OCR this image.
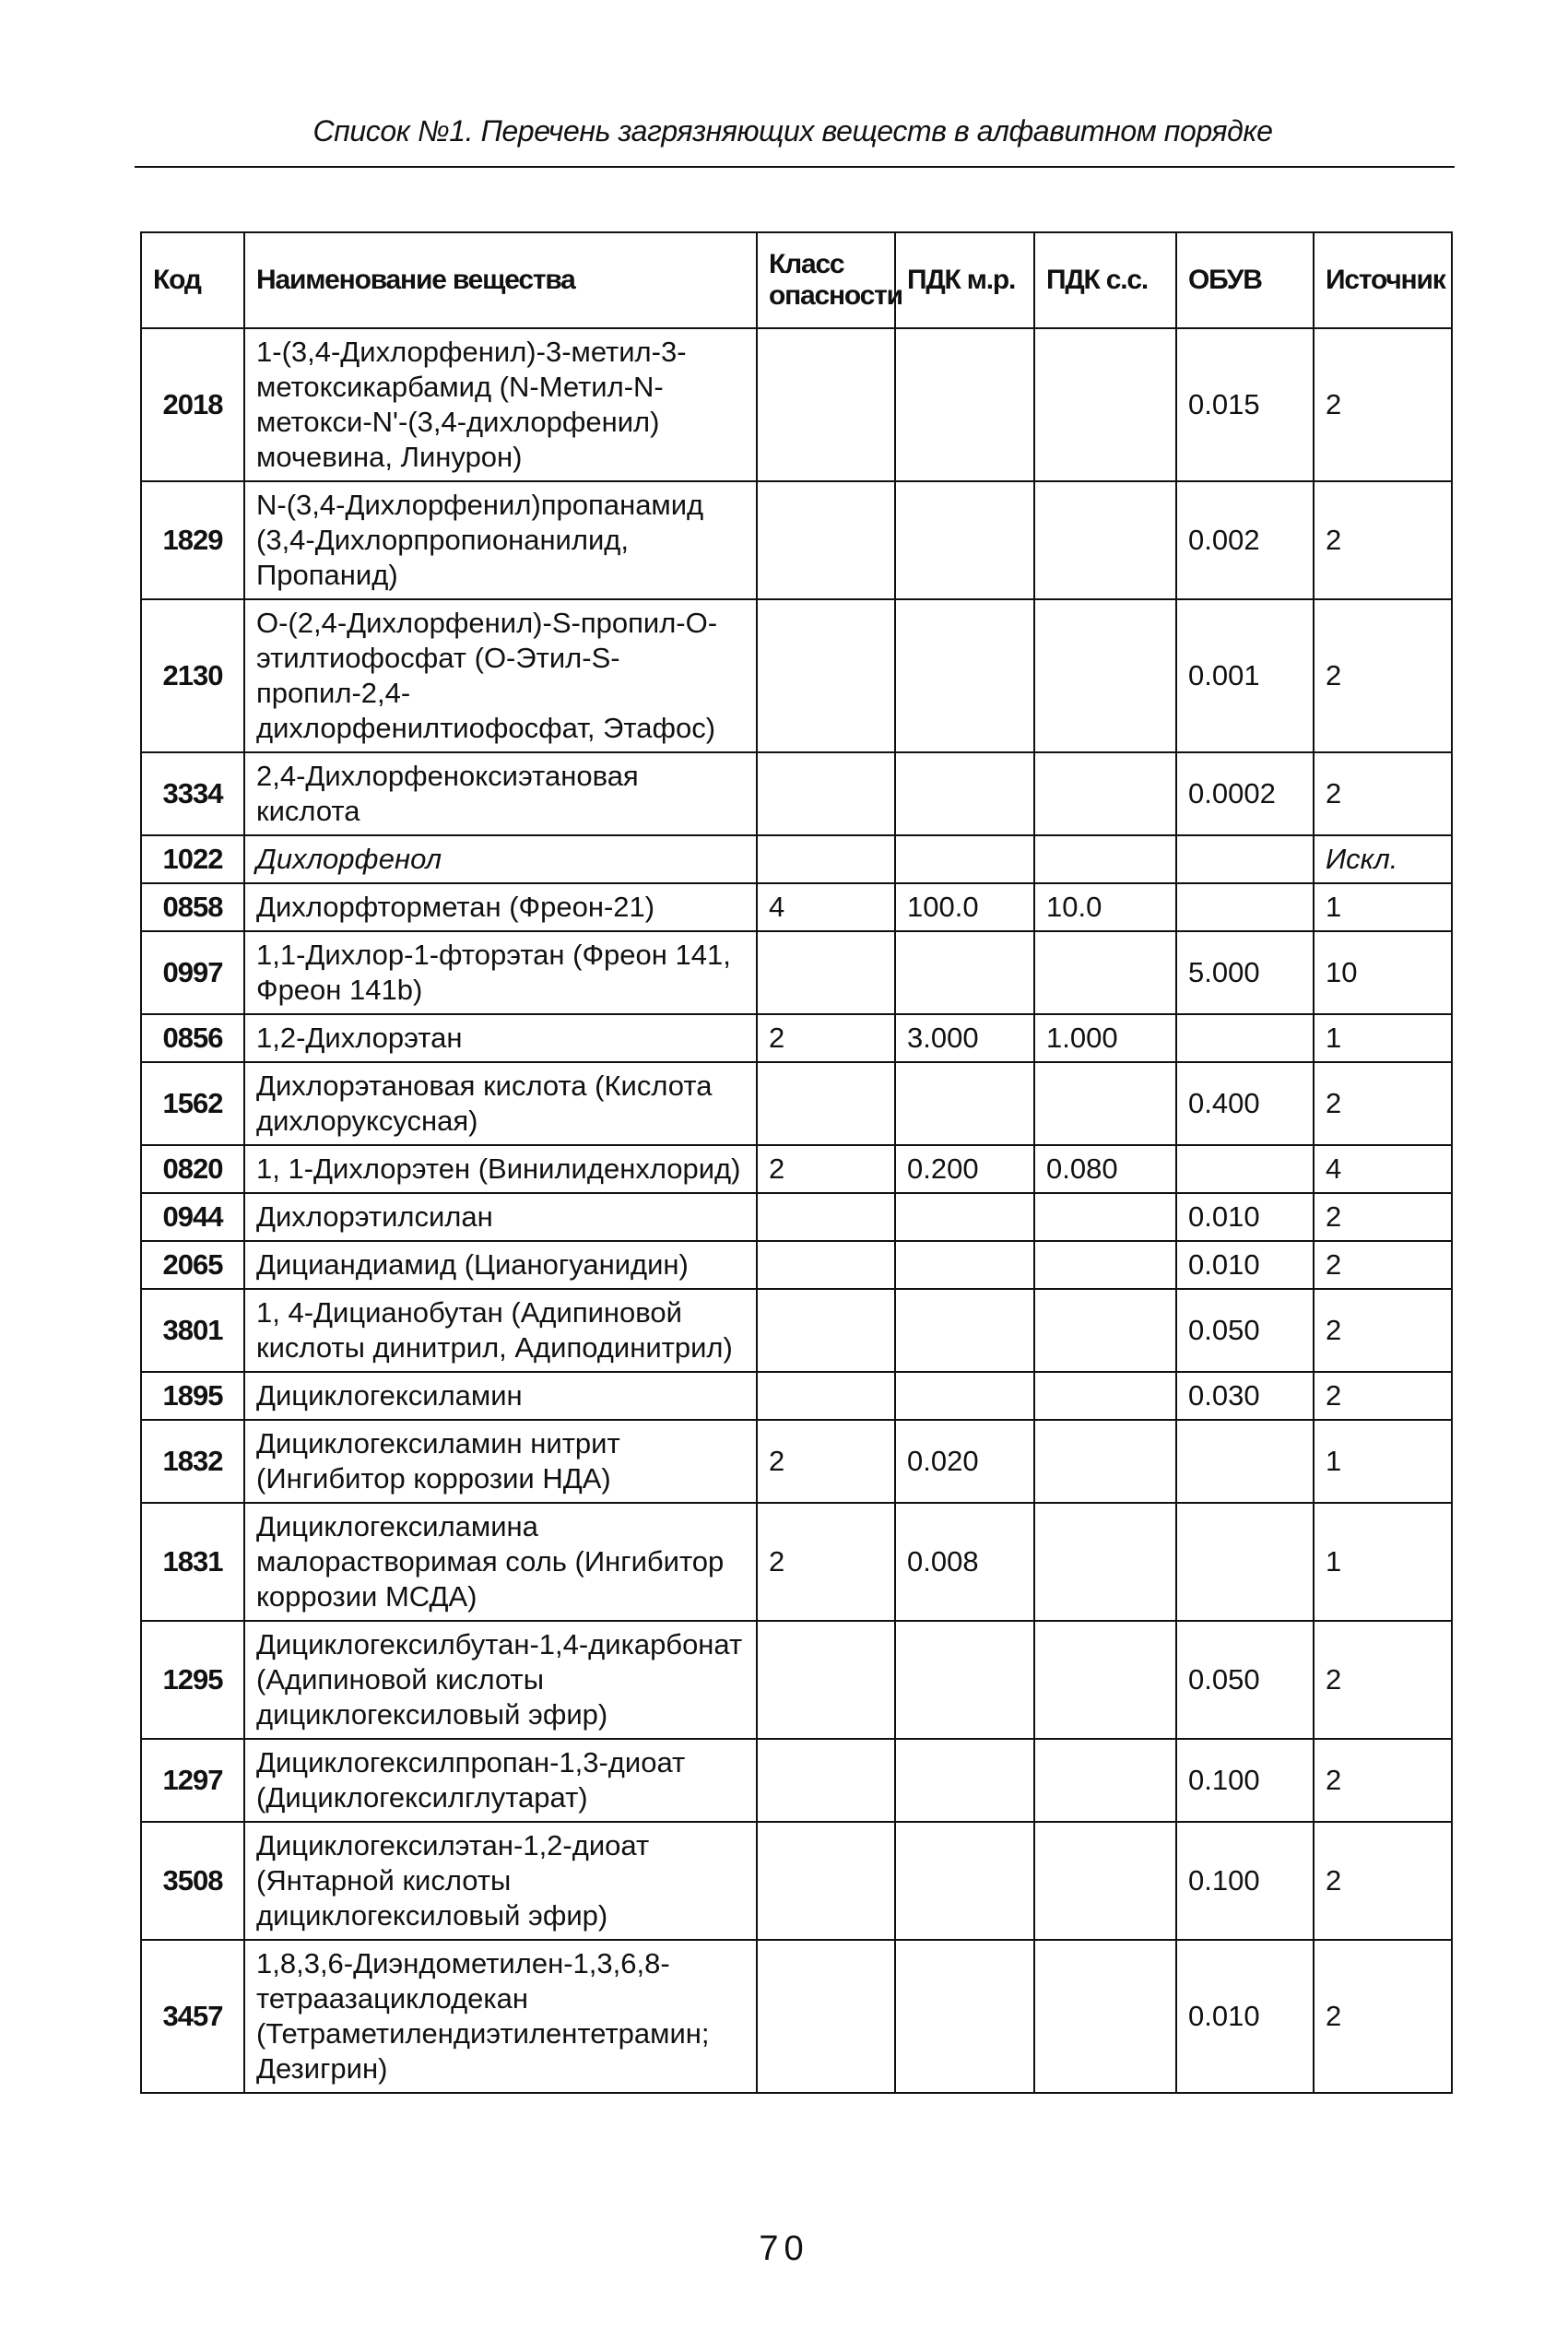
Список №1. Перечень загрязняющих веществ в алфавитном порядке
Код	Наименование вещества	Класс опасности	ПДК м.р.	ПДК с.с.	ОБУВ	Источник
2018	1-(3,4-Дихлорфенил)-3-метил-3-метоксикарбамид (N-Метил-N-метокси-N'-(3,4-дихлорфенил) мочевина, Линурон)				0.015	2
1829	N-(3,4-Дихлорфенил)пропанамид (3,4-Дихлорпропионанилид, Пропанид)				0.002	2
2130	O-(2,4-Дихлорфенил)-S-пропил-O-этилтиофосфат (O-Этил-S-пропил-2,4-дихлорфенилтиофосфат, Этафос)				0.001	2
3334	2,4-Дихлорфеноксиэтановая кислота				0.0002	2
1022	Дихлорфенол					Искл.
0858	Дихлорфторметан (Фреон-21)	4	100.0	10.0		1
0997	1,1-Дихлор-1-фторэтан (Фреон 141, Фреон 141b)				5.000	10
0856	1,2-Дихлорэтан	2	3.000	1.000		1
1562	Дихлорэтановая кислота (Кислота дихлоруксусная)				0.400	2
0820	1, 1-Дихлорэтен (Винилиденхлорид)	2	0.200	0.080		4
0944	Дихлорэтилсилан				0.010	2
2065	Дициандиамид (Цианогуанидин)				0.010	2
3801	1, 4-Дицианобутан (Адипиновой кислоты динитрил, Адиподинитрил)				0.050	2
1895	Дициклогексиламин				0.030	2
1832	Дициклогексиламин нитрит (Ингибитор коррозии НДА)	2	0.020			1
1831	Дициклогексиламина малорастворимая соль (Ингибитор коррозии МСДА)	2	0.008			1
1295	Дициклогексилбутан-1,4-дикарбонат (Адипиновой кислоты дициклогексиловый эфир)				0.050	2
1297	Дициклогексилпропан-1,3-диоат (Дициклогексилглутарат)				0.100	2
3508	Дициклогексилэтан-1,2-диоат (Янтарной кислоты дициклогексиловый эфир)				0.100	2
3457	1,8,3,6-Диэндометилен-1,3,6,8-тетраазациклодекан (Тетраметилендиэтилентетрамин; Дезигрин)				0.010	2
70
